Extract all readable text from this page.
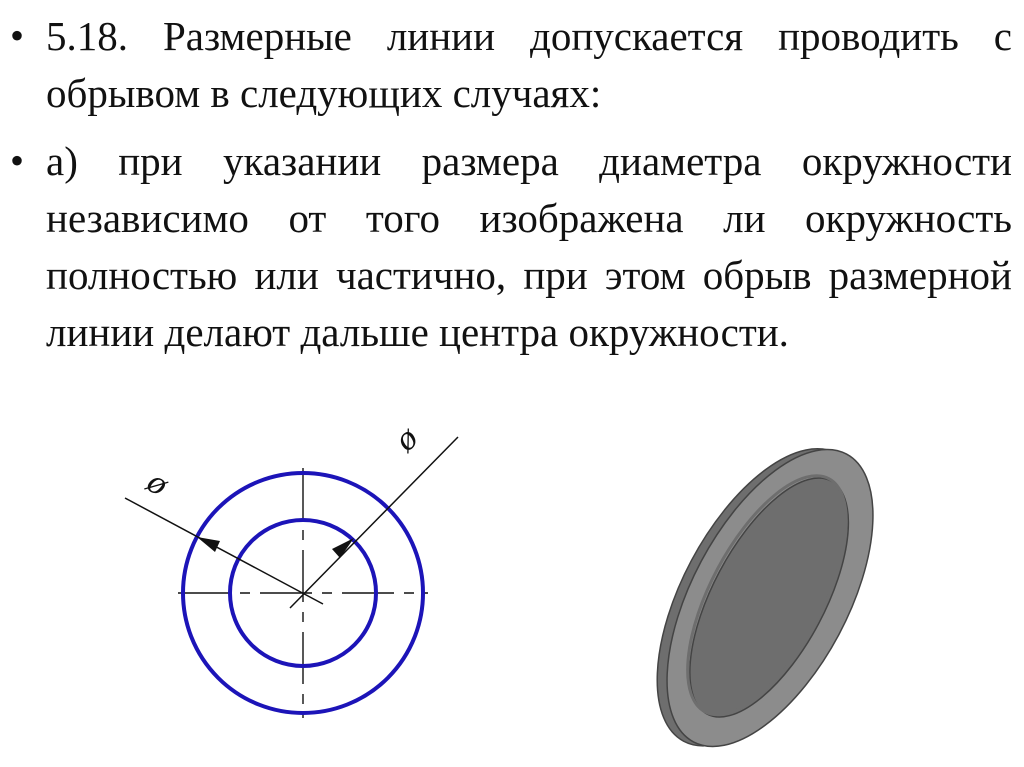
• 5.18. Размерные линии допускается проводить с обрывом в следующих случаях:
• а) при указании размера диаметра окружности независимо от того изображена ли окружность полностью или частично, при этом обрыв размерной линии делают дальше центра окружности.
ø
ø
